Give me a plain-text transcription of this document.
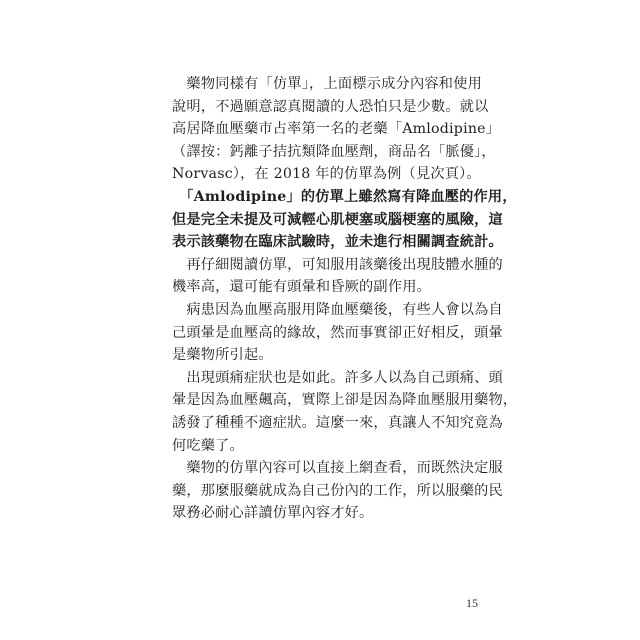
　藥物同樣有「仿單」，上面標示成分內容和使用
說明，不過願意認真閱讀的人恐怕只是少數。就以
高居降血壓藥市占率第一名的老藥「Amlodipine」
（譯按：鈣離子拮抗類降血壓劑，商品名「脈優」，
Norvasc），在 2018 年的仿單為例（見次頁）。
　「Amlodipine」的仿單上雖然寫有降血壓的作用，
但是完全未提及可減輕心肌梗塞或腦梗塞的風險，這
表示該藥物在臨床試驗時，並未進行相關調查統計。
　再仔細閱讀仿單，可知服用該藥後出現肢體水腫的
機率高，還可能有頭暈和昏厥的副作用。
　病患因為血壓高服用降血壓藥後，有些人會以為自
己頭暈是血壓高的緣故，然而事實卻正好相反，頭暈
是藥物所引起。
　出現頭痛症狀也是如此。許多人以為自己頭痛、頭
暈是因為血壓飆高，實際上卻是因為降血壓服用藥物，
誘發了種種不適症狀。這麼一來，真讓人不知究竟為
何吃藥了。
　藥物的仿單內容可以直接上網查看，而既然決定服
藥，那麼服藥就成為自己份內的工作，所以服藥的民
眾務必耐心詳讀仿單內容才好。
15
